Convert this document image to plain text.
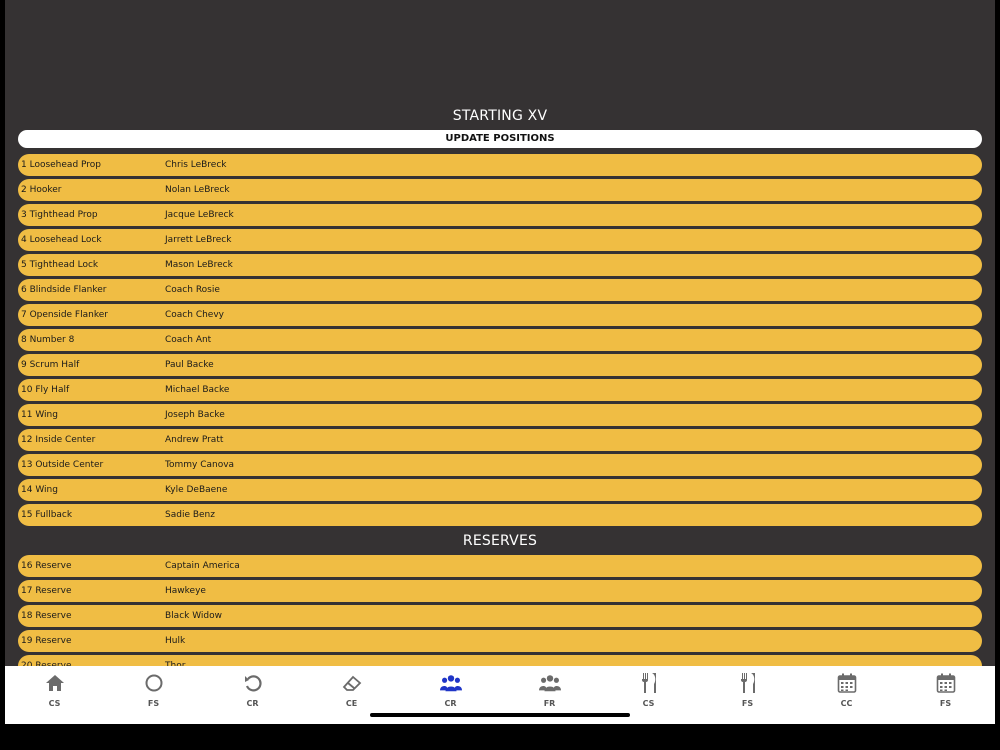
STARTING XV
UPDATE POSITIONS
1 Loosehead Prop	Chris LeBreck
2 Hooker	Nolan LeBreck
3 Tighthead Prop	Jacque LeBreck
4 Loosehead Lock	Jarrett LeBreck
5 Tighthead Lock	Mason LeBreck
6 Blindside Flanker	Coach Rosie
7 Openside Flanker	Coach Chevy
8 Number 8	Coach Ant
9 Scrum Half	Paul Backe
10 Fly Half	Michael Backe
11 Wing	Joseph Backe
12 Inside Center	Andrew Pratt
13 Outside Center	Tommy Canova
14 Wing	Kyle DeBaene
15 Fullback	Sadie Benz
RESERVES
16 Reserve	Captain America
17 Reserve	Hawkeye
18 Reserve	Black Widow
19 Reserve	Hulk
CS	FS	CR	CE	CR	FR	CS	FS	CC	FS
